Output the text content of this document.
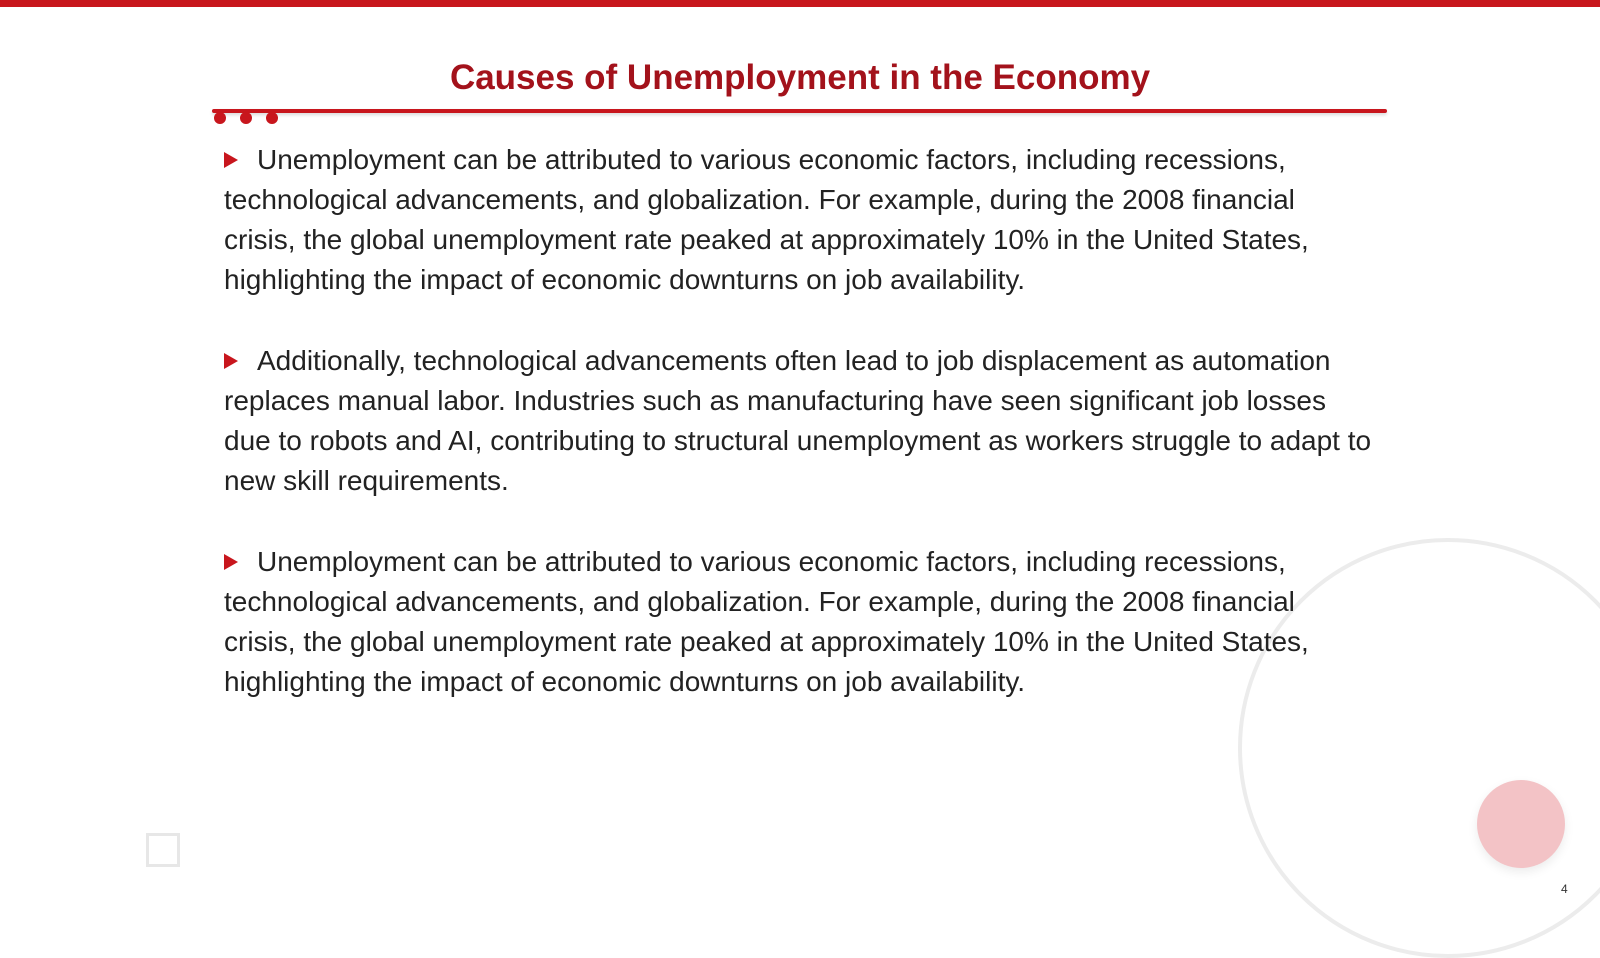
Causes of Unemployment in the Economy

Unemployment can be attributed to various economic factors, including recessions, technological advancements, and globalization. For example, during the 2008 financial crisis, the global unemployment rate peaked at approximately 10% in the United States, highlighting the impact of economic downturns on job availability.

Additionally, technological advancements often lead to job displacement as automation replaces manual labor. Industries such as manufacturing have seen significant job losses due to robots and AI, contributing to structural unemployment as workers struggle to adapt to new skill requirements.

Unemployment can be attributed to various economic factors, including recessions, technological advancements, and globalization. For example, during the 2008 financial crisis, the global unemployment rate peaked at approximately 10% in the United States, highlighting the impact of economic downturns on job availability.

4
